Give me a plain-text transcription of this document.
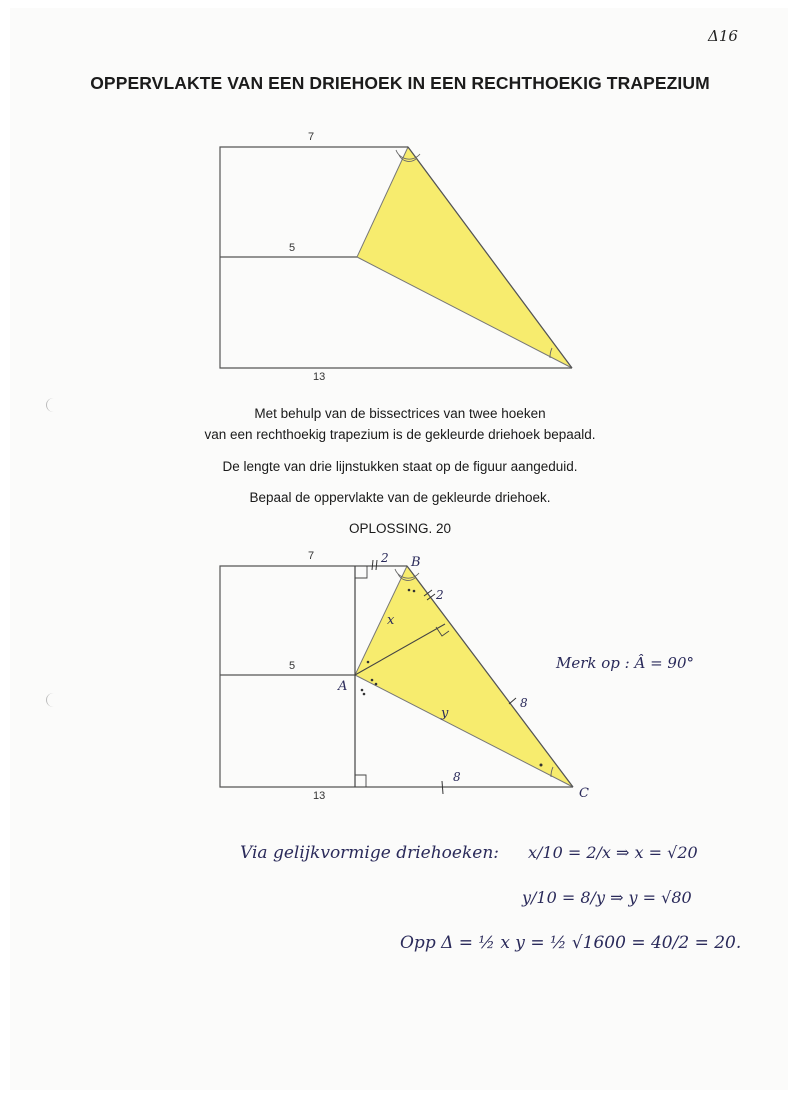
Δ16
OPPERVLAKTE VAN EEN DRIEHOEK IN EEN RECHTHOEKIG TRAPEZIUM
7
5
13
7
5
13
A
B
C
2
2
8
8
x
y
Merk op : Â = 90°
Via gelijkvormige driehoeken: x/10 = 2/x ⇒ x = √20
y/10 = 8/y ⇒ y = √80
Opp Δ = ½ x y = ½ √1600 = 40/2 = 20.
Met behulp van de bissectrices van twee hoeken
van een rechthoekig trapezium is de gekleurde driehoek bepaald.
De lengte van drie lijnstukken staat op de figuur aangeduid.
Bepaal de oppervlakte van de gekleurde driehoek.
OPLOSSING. 20
